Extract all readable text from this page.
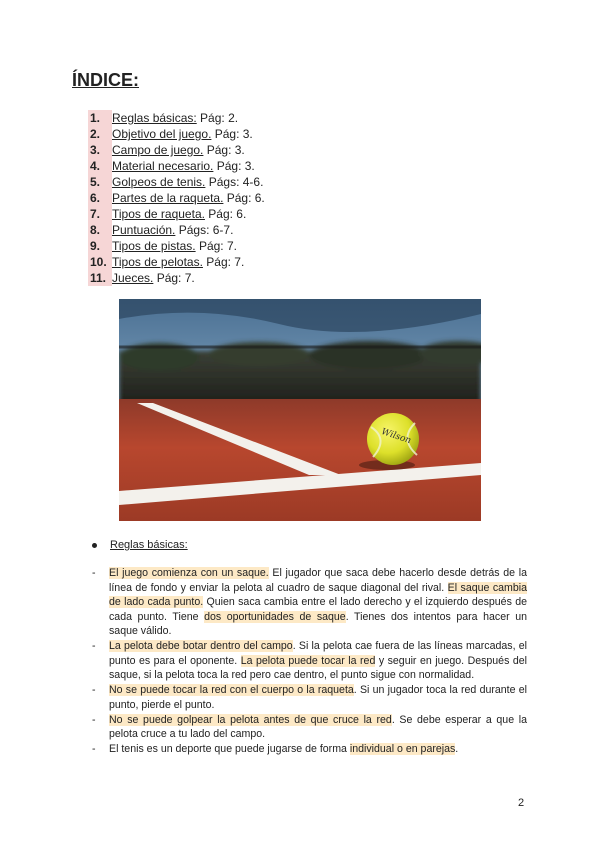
ÍNDICE:
1. Reglas básicas: Pág: 2.
2. Objetivo del juego. Pág: 3.
3. Campo de juego. Pág: 3.
4. Material necesario. Pág: 3.
5. Golpeos de tenis. Págs: 4-6.
6. Partes de la raqueta. Pág: 6.
7. Tipos de raqueta. Pág: 6.
8. Puntuación. Págs: 6-7.
9. Tipos de pistas. Pág: 7.
10. Tipos de pelotas. Pág: 7.
11. Jueces. Pág: 7.
Wilson
Reglas básicas:
- El juego comienza con un saque. El jugador que saca debe hacerlo desde detrás de la línea de fondo y enviar la pelota al cuadro de saque diagonal del rival. El saque cambia de lado cada punto. Quien saca cambia entre el lado derecho y el izquierdo después de cada punto. Tiene dos oportunidades de saque. Tienes dos intentos para hacer un saque válido.
- La pelota debe botar dentro del campo. Si la pelota cae fuera de las líneas marcadas, el punto es para el oponente. La pelota puede tocar la red y seguir en juego. Después del saque, si la pelota toca la red pero cae dentro, el punto sigue con normalidad.
- No se puede tocar la red con el cuerpo o la raqueta. Si un jugador toca la red durante el punto, pierde el punto.
- No se puede golpear la pelota antes de que cruce la red. Se debe esperar a que la pelota cruce a tu lado del campo.
- El tenis es un deporte que puede jugarse de forma individual o en parejas.
2
